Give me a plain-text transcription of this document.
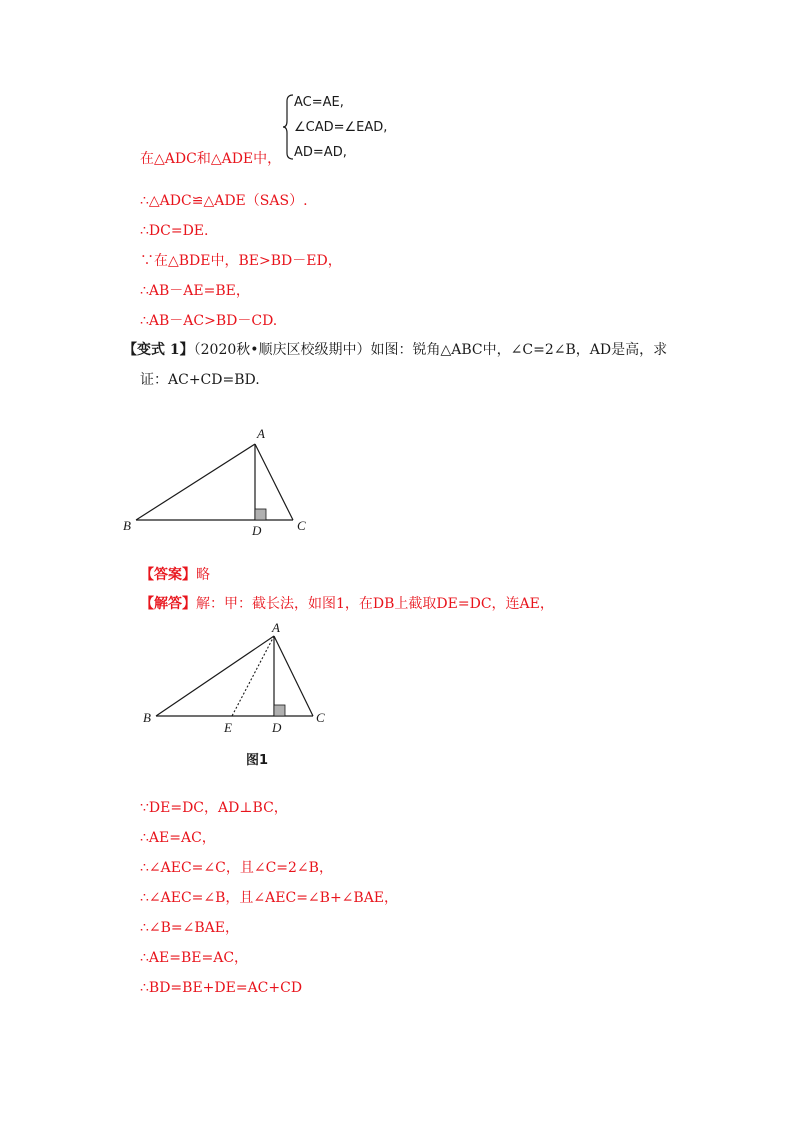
AC=AE,
∠CAD=∠EAD,
AD=AD,
在△ADC和△ADE中，
∴△ADC≌△ADE（SAS）.
∴DC=DE.
∵在△BDE中，BE>BD－ED，
∴AB－AE=BE，
∴AB－AC>BD－CD.
【变式 1】（2020秋•顺庆区校级期中）如图：锐角△ABC中，∠C=2∠B，AD是高，求
证：AC+CD=BD.
A
B	C
D
【答案】略
【解答】解：甲：截长法，如图1，在DB上截取DE=DC，连AE，
A
B	C
D
E
图1
∵DE=DC，AD⊥BC，
∴AE=AC，
∴∠AEC=∠C，且∠C=2∠B，
∴∠AEC=∠B，且∠AEC=∠B+∠BAE，
∴∠B=∠BAE，
∴AE=BE=AC，
∴BD=BE+DE=AC+CD
